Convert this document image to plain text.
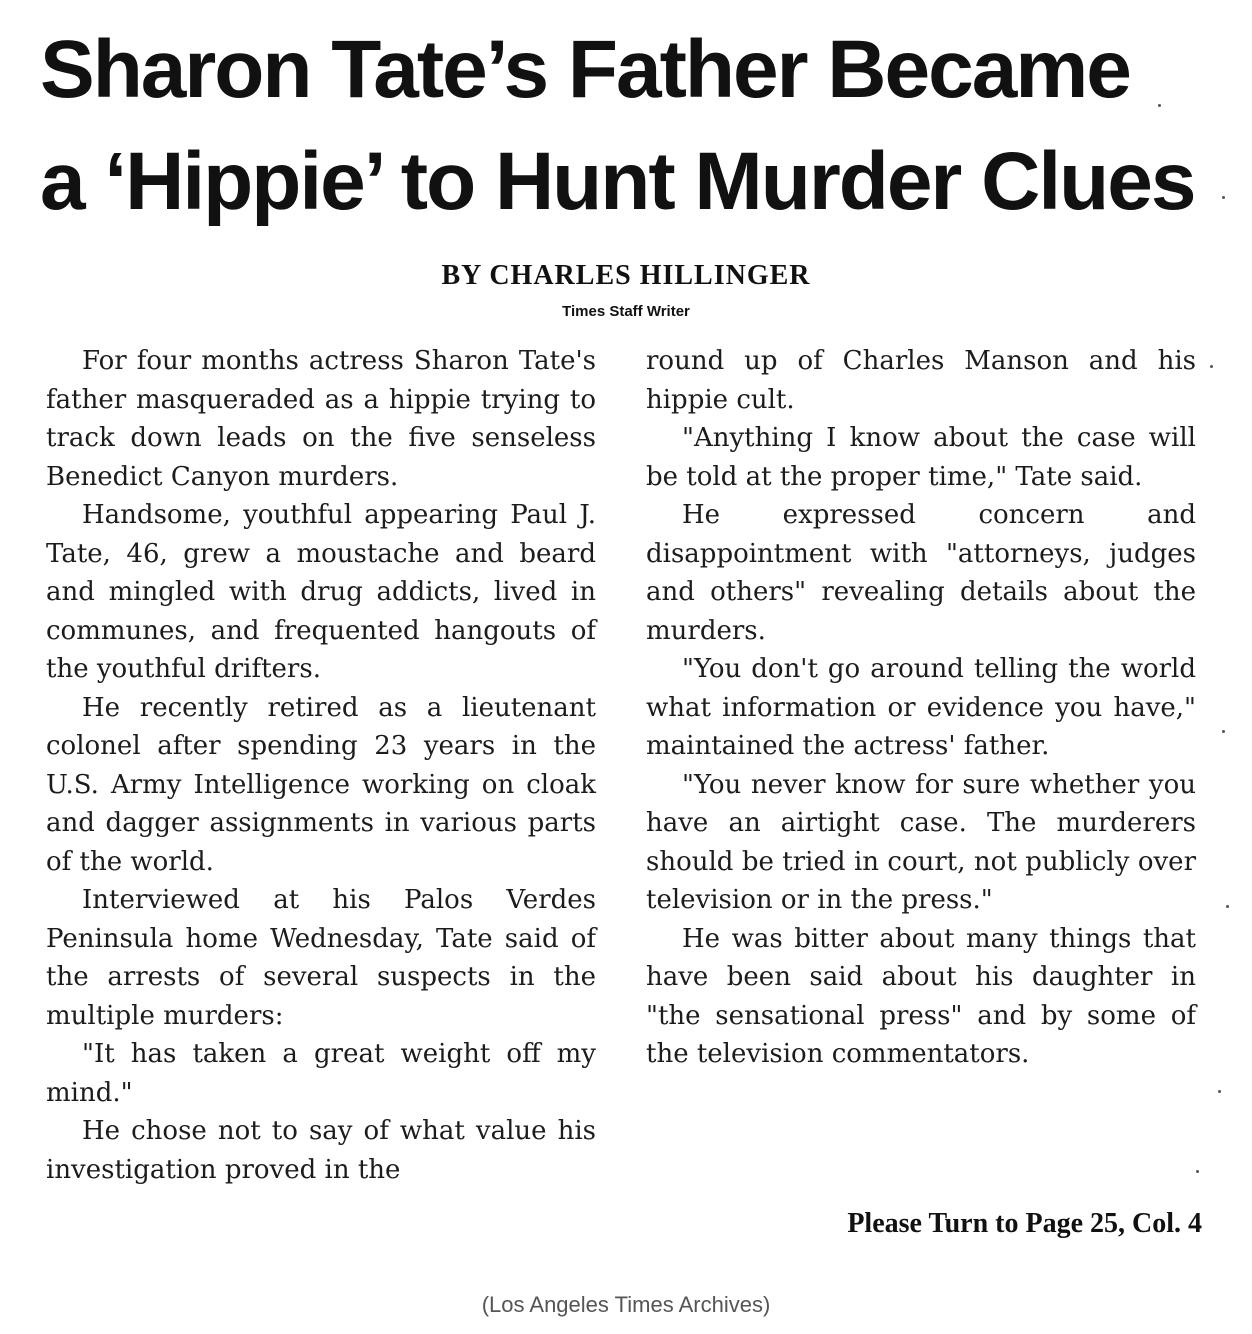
Sharon Tate’s Father Became
a ‘Hippie’ to Hunt Murder Clues
BY CHARLES HILLINGER
Times Staff Writer

For four months actress Sharon Tate's father masqueraded as a hippie trying to track down leads on the five senseless Benedict Canyon murders.

Handsome, youthful appearing Paul J. Tate, 46, grew a moustache and beard and mingled with drug addicts, lived in communes, and frequented hangouts of the youthful drifters.

He recently retired as a lieutenant colonel after spending 23 years in the U.S. Army Intelligence working on cloak and dagger assignments in various parts of the world.

Interviewed at his Palos Verdes Peninsula home Wednesday, Tate said of the arrests of several suspects in the multiple murders:

"It has taken a great weight off my mind."

He chose not to say of what value his investigation proved in the

round up of Charles Manson and his hippie cult.

"Anything I know about the case will be told at the proper time," Tate said.

He expressed concern and disappointment with "attorneys, judges and others" revealing details about the murders.

"You don't go around telling the world what information or evidence you have," maintained the actress' father.

"You never know for sure whether you have an airtight case. The murderers should be tried in court, not publicly over television or in the press."

He was bitter about many things that have been said about his daughter in "the sensational press" and by some of the television commentators.

Please Turn to Page 25, Col. 4
(Los Angeles Times Archives)
